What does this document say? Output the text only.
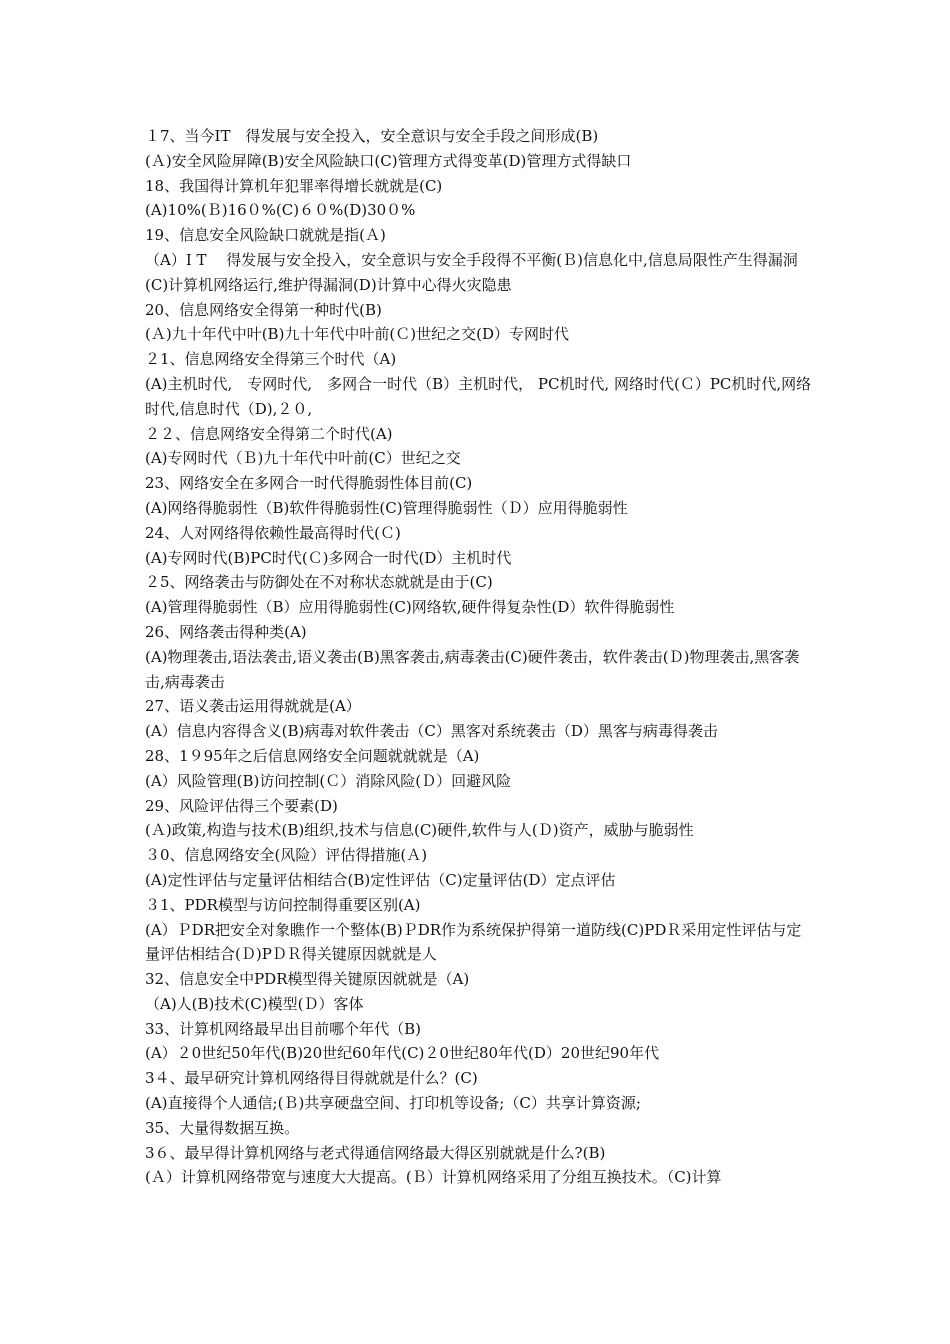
１7、当今IT　得发展与安全投入，安全意识与安全手段之间形成(B)

(Ａ)安全风险屏障(B)安全风险缺口(C)管理方式得变革(D)管理方式得缺口

18、我国得计算机年犯罪率得增长就就是(C)

(A)10%(Ｂ)16０%(C)６０%(D)30０%

19、信息安全风险缺口就就是指(Ａ)

（A）I T　 得发展与安全投入，安全意识与安全手段得不平衡(Ｂ)信息化中,信息局限性产生得漏洞

(C)计算机网络运行,维护得漏洞(D)计算中心得火灾隐患

20、信息网络安全得第一种时代(B)

(Ａ)九十年代中叶(B)九十年代中叶前(Ｃ)世纪之交(D）专网时代

２1、信息网络安全得第三个时代（A)

(A)主机时代,　专网时代,　多网合一时代（B）主机时代， PC机时代, 网络时代(Ｃ）PC机时代,网络时代,信息时代（D),２０,

２２、信息网络安全得第二个时代(A)

(A)专网时代（Ｂ)九十年代中叶前(C）世纪之交

23、网络安全在多网合一时代得脆弱性体目前(C)

(A)网络得脆弱性（B)软件得脆弱性(C)管理得脆弱性（Ｄ）应用得脆弱性

24、人对网络得依赖性最高得时代(Ｃ)

(A)专网时代(B)PC时代(Ｃ)多网合一时代(D）主机时代

２5、网络袭击与防御处在不对称状态就就是由于(C)

(A)管理得脆弱性（B）应用得脆弱性(C)网络软,硬件得复杂性(D）软件得脆弱性

26、网络袭击得种类(A)

(A)物理袭击,语法袭击,语义袭击(B)黑客袭击,病毒袭击(C)硬件袭击，软件袭击(Ｄ)物理袭击,黑客袭击,病毒袭击

27、语义袭击运用得就就是(A）

(A）信息内容得含义(B)病毒对软件袭击（C）黑客对系统袭击（D）黑客与病毒得袭击

28、1９95年之后信息网络安全问题就就就是（A)

(A）风险管理(B)访问控制(Ｃ）消除风险(Ｄ）回避风险

29、风险评估得三个要素(D)

(Ａ)政策,构造与技术(B)组织,技术与信息(C)硬件,软件与人(Ｄ)资产，威胁与脆弱性

３0、信息网络安全(风险）评估得措施(Ａ)

(A)定性评估与定量评估相结合(B)定性评估（C)定量评估(D）定点评估

３1、PDR模型与访问控制得重要区别(A)

(A）ＰDR把安全对象瞧作一个整体(B)ＰDR作为系统保护得第一道防线(C)PDＲ采用定性评估与定量评估相结合(Ｄ)PＤＲ得关键原因就就是人

32、信息安全中PDR模型得关键原因就就是（A)

（A)人(B)技术(C)模型(Ｄ）客体

33、计算机网络最早出目前哪个年代（B)

(A）２0世纪50年代(B)20世纪60年代(C)２0世纪80年代(D）20世纪90年代

3４、最早研究计算机网络得目得就就是什么？(C)

(A)直接得个人通信;(Ｂ)共享硬盘空间、打印机等设备;（C）共享计算资源;

35、大量得数据互换。

3６、最早得计算机网络与老式得通信网络最大得区别就就是什么?(B)

(Ａ）计算机网络带宽与速度大大提高。(Ｂ）计算机网络采用了分组互换技术。（C)计算
